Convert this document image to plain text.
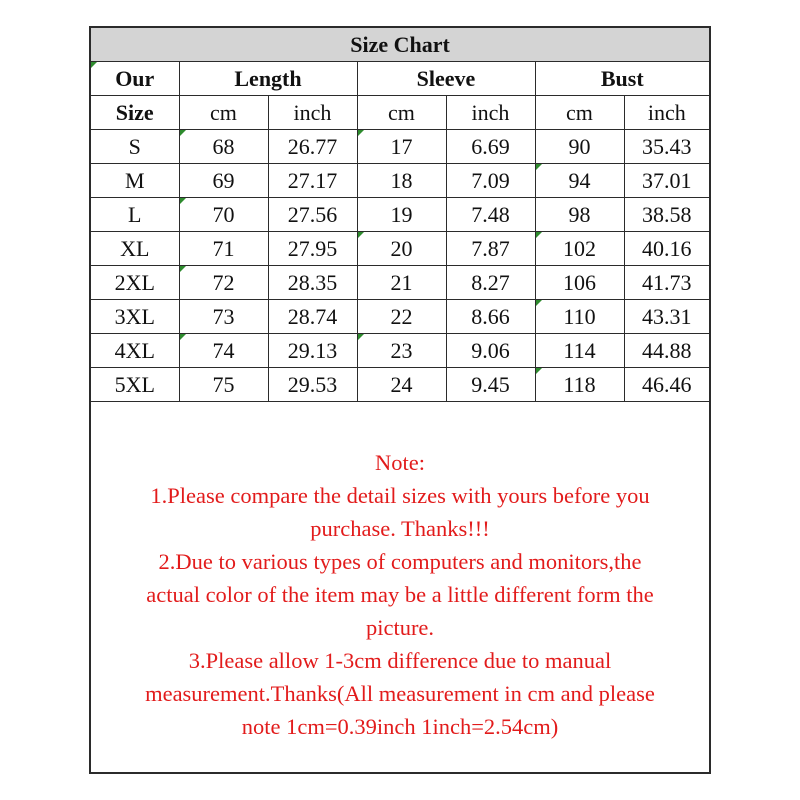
Size Chart						
Our	Length		Sleeve		Bust	
Size	cm	inch	cm	inch	cm	inch
S	68	26.77	17	6.69	90	35.43
M	69	27.17	18	7.09	94	37.01
L	70	27.56	19	7.48	98	38.58
XL	71	27.95	20	7.87	102	40.16
2XL	72	28.35	21	8.27	106	41.73
3XL	73	28.74	22	8.66	110	43.31
4XL	74	29.13	23	9.06	114	44.88
5XL	75	29.53	24	9.45	118	46.46
Note:
1.Please compare the detail sizes with yours before you
purchase. Thanks!!!
2.Due to various types of computers and monitors,the
actual color of the item may be a little different form the
picture.
3.Please allow 1-3cm difference due to manual
measurement.Thanks(All measurement in cm and please
note 1cm=0.39inch 1inch=2.54cm)
